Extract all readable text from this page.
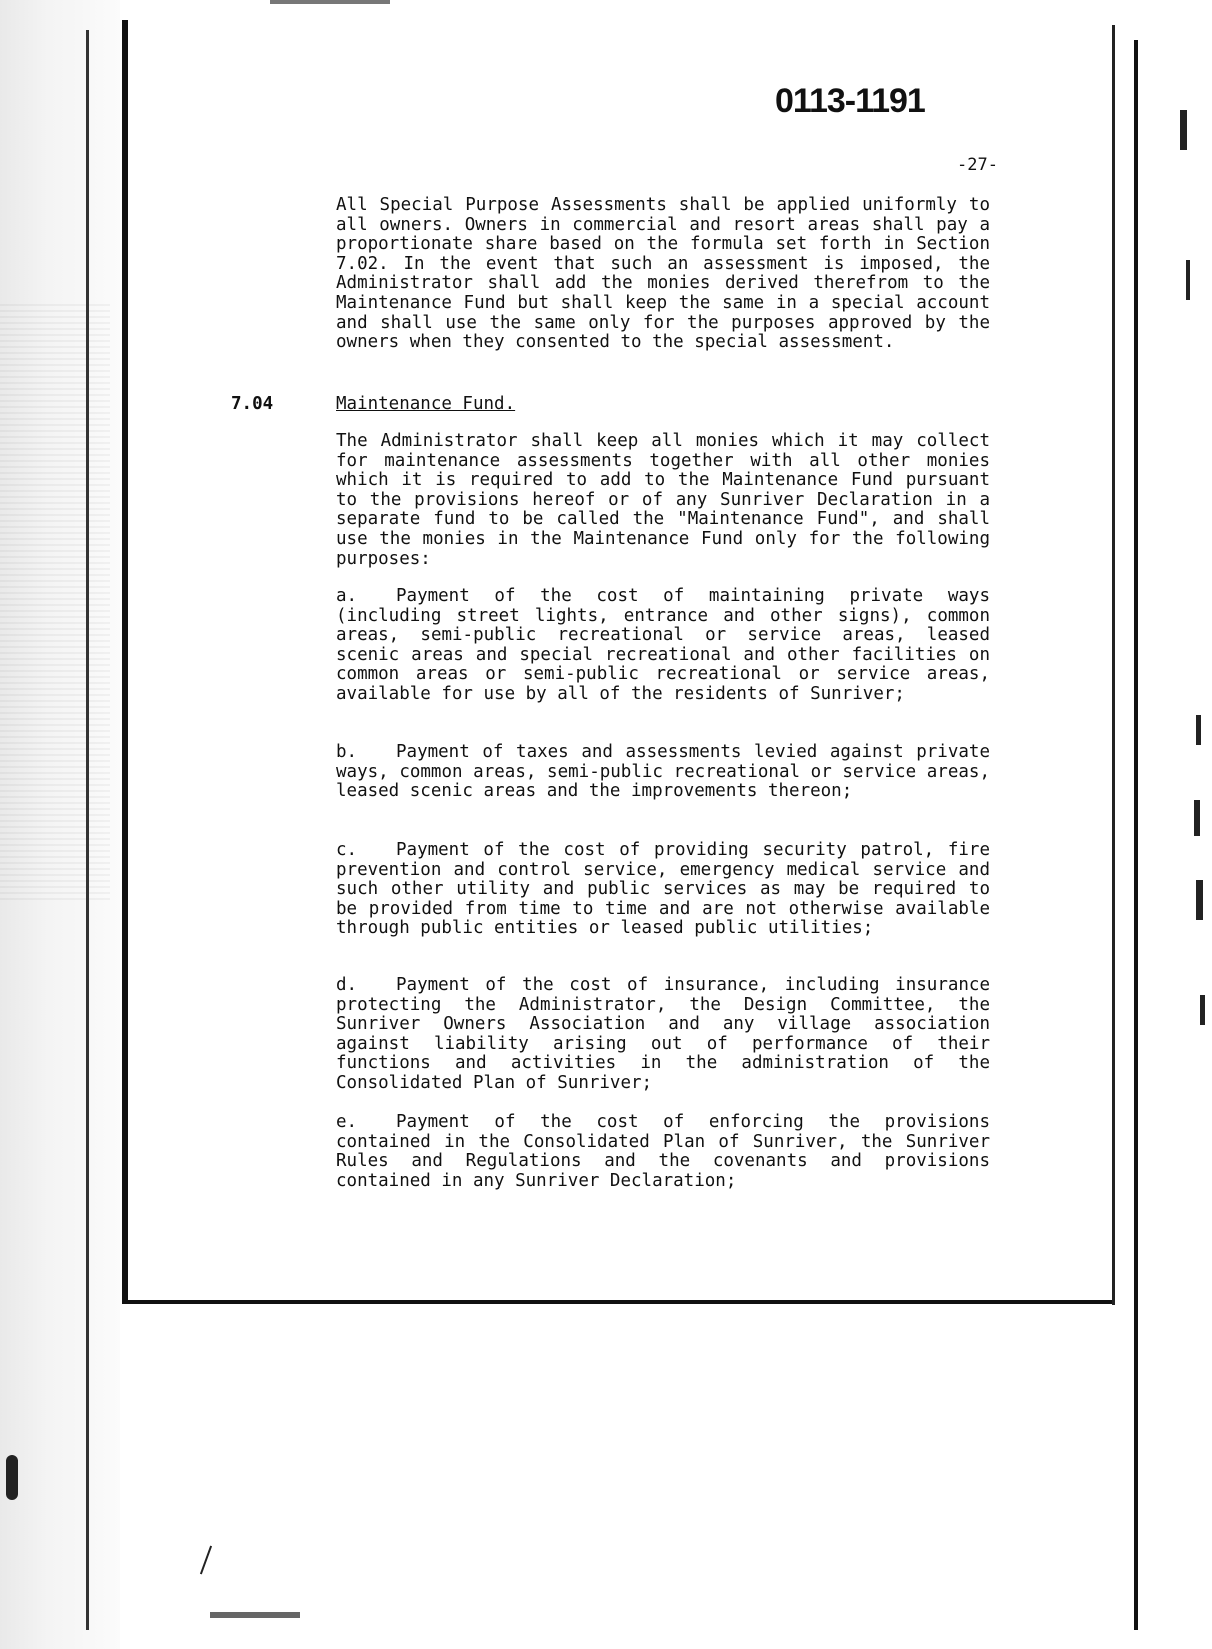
0113-1191
-27-
All Special Purpose Assessments shall be applied uniformly to all owners. Owners in commercial and resort areas shall pay a proportionate share based on the formula set forth in Section 7.02. In the event that such an assessment is imposed, the Administrator shall add the monies derived therefrom to the Maintenance Fund but shall keep the same in a special account and shall use the same only for the purposes approved by the owners when they consented to the special assessment.
7.04	Maintenance Fund.
The Administrator shall keep all monies which it may collect for maintenance assessments together with all other monies which it is required to add to the Maintenance Fund pursuant to the provisions hereof or of any Sunriver Declaration in a separate fund to be called the "Maintenance Fund", and shall use the monies in the Maintenance Fund only for the following purposes:
a. Payment of the cost of maintaining private ways (including street lights, entrance and other signs), common areas, semi-public recreational or service areas, leased scenic areas and special recreational and other facilities on common areas or semi-public recreational or service areas, available for use by all of the residents of Sunriver;
b. Payment of taxes and assessments levied against private ways, common areas, semi-public recreational or service areas, leased scenic areas and the improvements thereon;
c. Payment of the cost of providing security patrol, fire prevention and control service, emergency medical service and such other utility and public services as may be required to be provided from time to time and are not otherwise available through public entities or leased public utilities;
d. Payment of the cost of insurance, including insurance protecting the Administrator, the Design Committee, the Sunriver Owners Association and any village association against liability arising out of performance of their functions and activities in the administration of the Consolidated Plan of Sunriver;
e. Payment of the cost of enforcing the provisions contained in the Consolidated Plan of Sunriver, the Sunriver Rules and Regulations and the covenants and provisions contained in any Sunriver Declaration;
